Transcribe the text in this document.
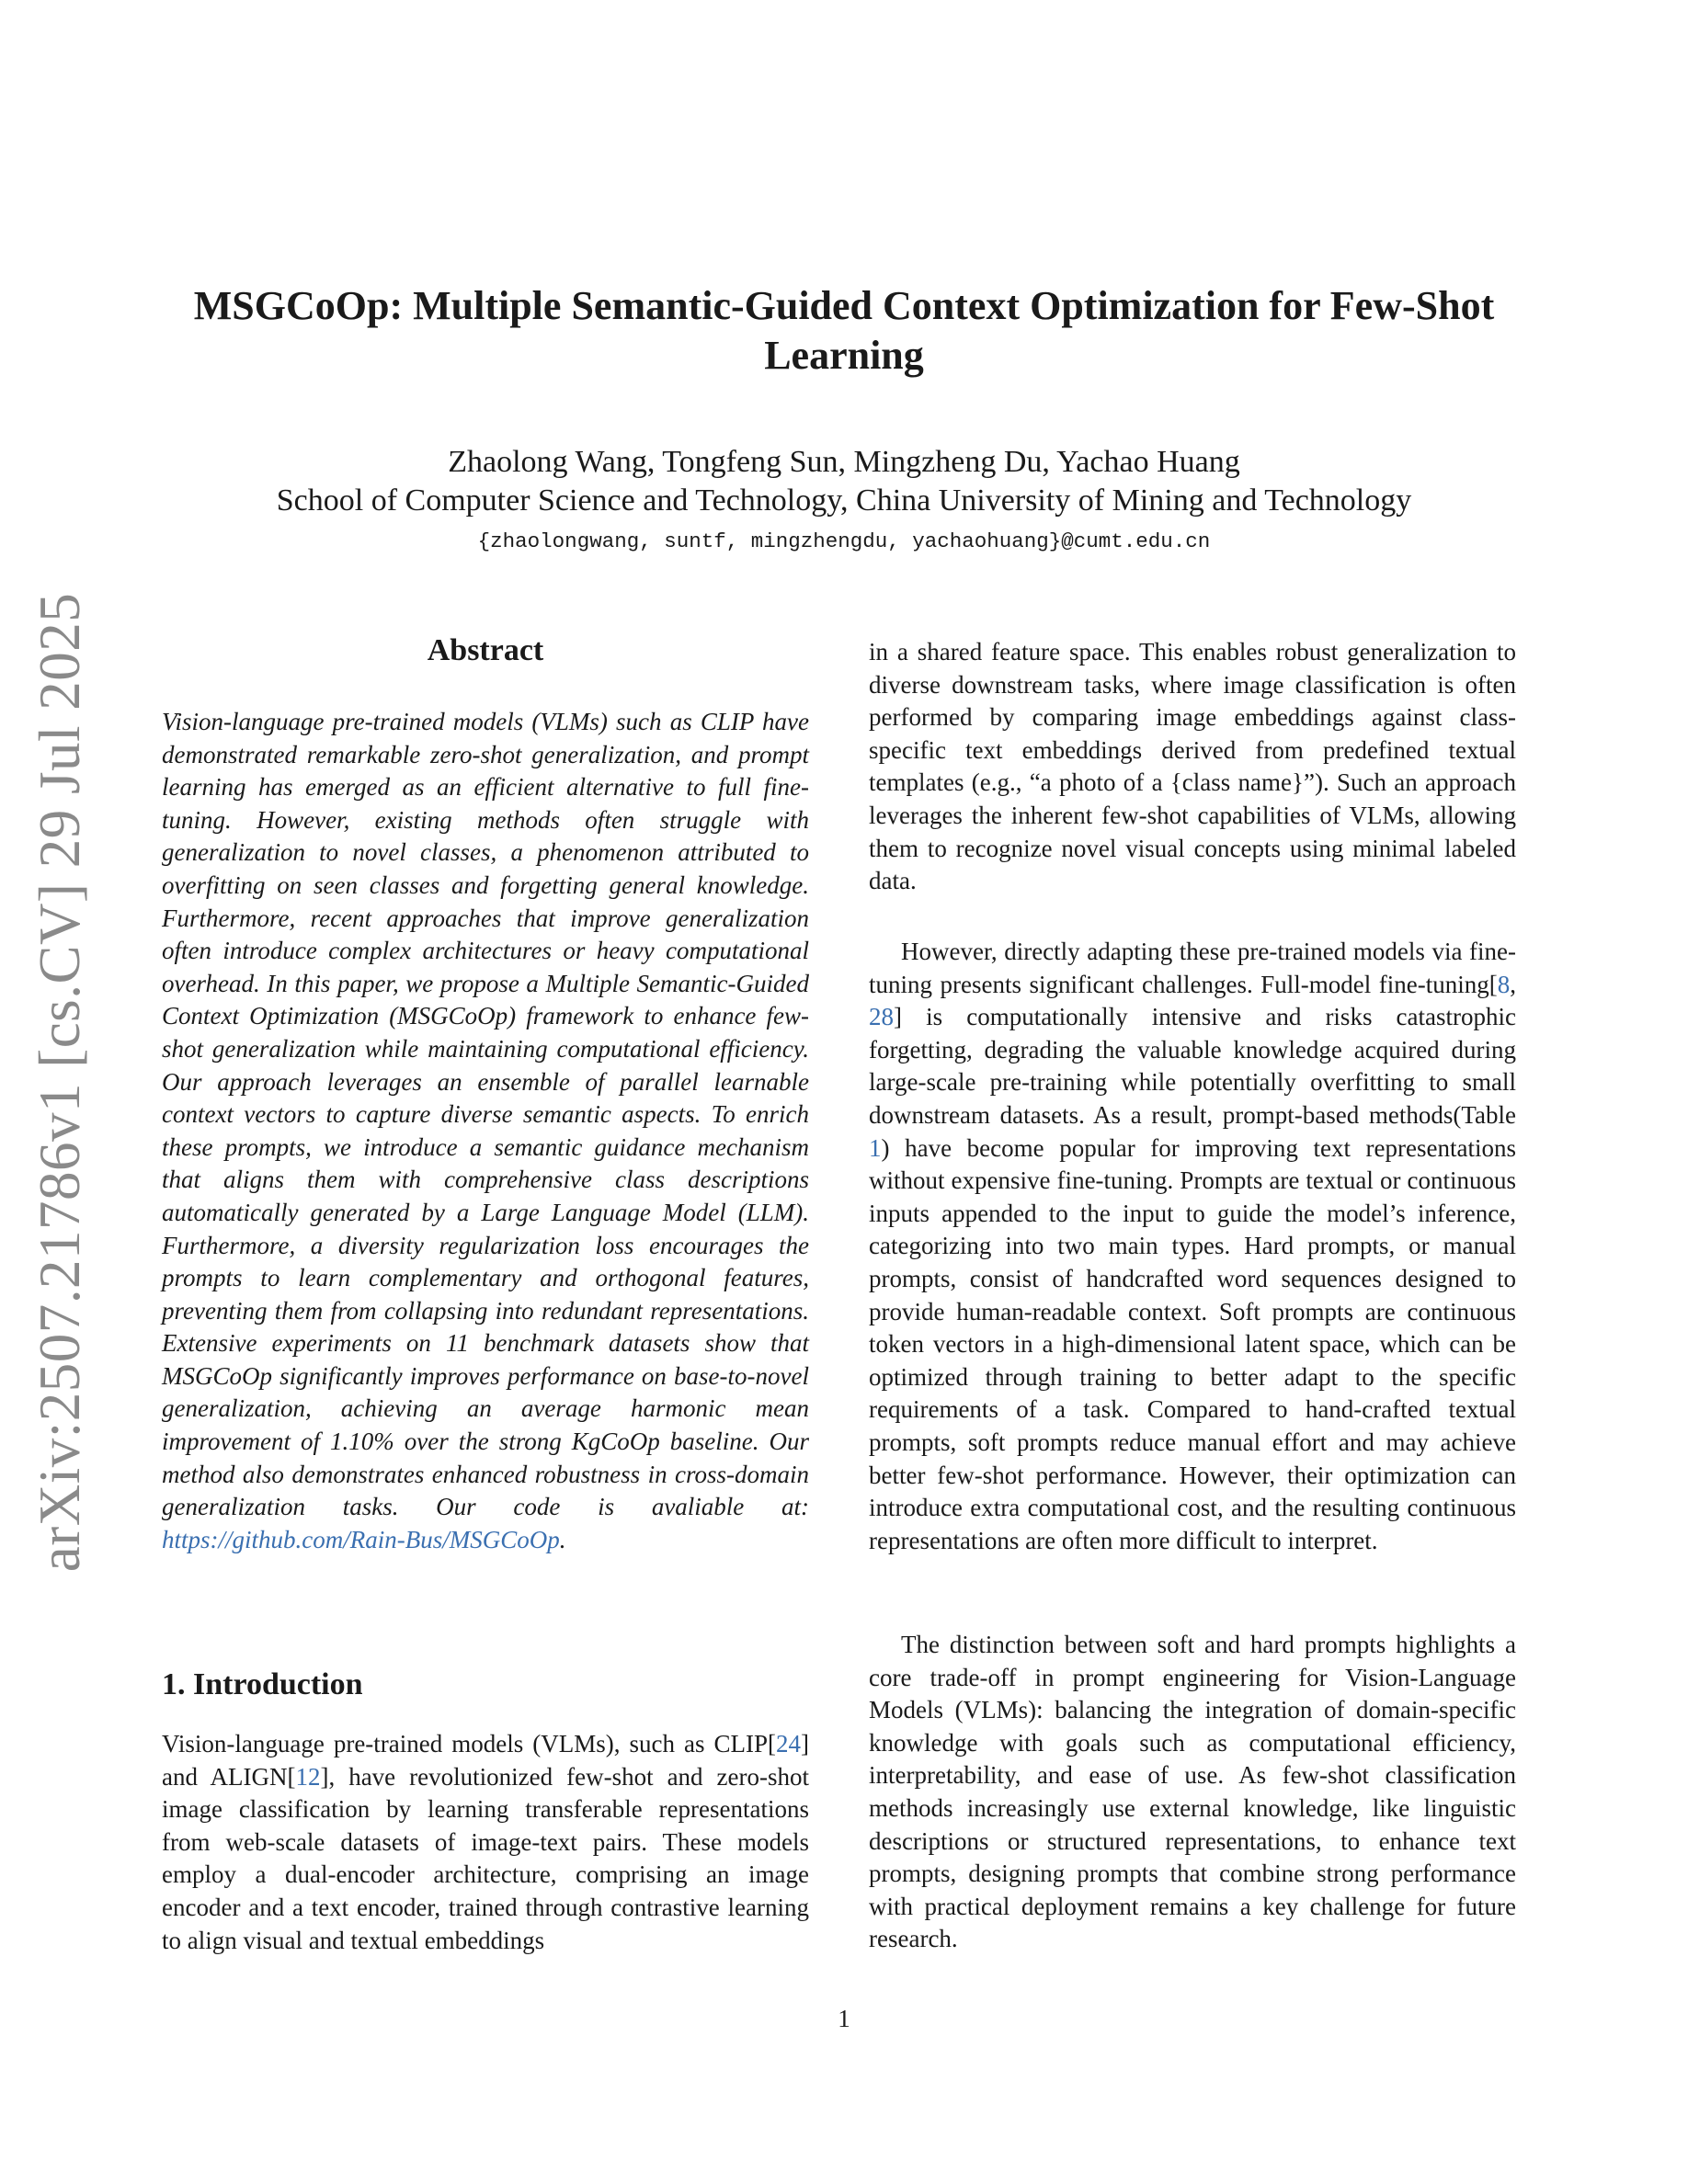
arXiv:2507.21786v1 [cs.CV] 29 Jul 2025
MSGCoOp: Multiple Semantic-Guided Context Optimization for Few-Shot Learning
Zhaolong Wang, Tongfeng Sun, Mingzheng Du, Yachao Huang
School of Computer Science and Technology, China University of Mining and Technology
{zhaolongwang, suntf, mingzhengdu, yachaohuang}@cumt.edu.cn
Abstract
Vision-language pre-trained models (VLMs) such as CLIP have demonstrated remarkable zero-shot generalization, and prompt learning has emerged as an efficient alternative to full fine-tuning. However, existing methods often struggle with generalization to novel classes, a phenomenon attributed to overfitting on seen classes and forgetting general knowledge. Furthermore, recent approaches that improve generalization often introduce complex architectures or heavy computational overhead. In this paper, we propose a Multiple Semantic-Guided Context Optimization (MSGCoOp) framework to enhance few-shot generalization while maintaining computational efficiency. Our approach leverages an ensemble of parallel learnable context vectors to capture diverse semantic aspects. To enrich these prompts, we introduce a semantic guidance mechanism that aligns them with comprehensive class descriptions automatically generated by a Large Language Model (LLM). Furthermore, a diversity regularization loss encourages the prompts to learn complementary and orthogonal features, preventing them from collapsing into redundant representations. Extensive experiments on 11 benchmark datasets show that MSGCoOp significantly improves performance on base-to-novel generalization, achieving an average harmonic mean improvement of 1.10% over the strong KgCoOp baseline. Our method also demonstrates enhanced robustness in cross-domain generalization tasks. Our code is avaliable at: https://github.com/Rain-Bus/MSGCoOp.
1. Introduction
Vision-language pre-trained models (VLMs), such as CLIP[24] and ALIGN[12], have revolutionized few-shot and zero-shot image classification by learning transferable representations from web-scale datasets of image-text pairs. These models employ a dual-encoder architecture, comprising an image encoder and a text encoder, trained through contrastive learning to align visual and textual embeddings
in a shared feature space. This enables robust generalization to diverse downstream tasks, where image classification is often performed by comparing image embeddings against class-specific text embeddings derived from predefined textual templates (e.g., “a photo of a {class name}”). Such an approach leverages the inherent few-shot capabilities of VLMs, allowing them to recognize novel visual concepts using minimal labeled data.
However, directly adapting these pre-trained models via fine-tuning presents significant challenges. Full-model fine-tuning[8, 28] is computationally intensive and risks catastrophic forgetting, degrading the valuable knowledge acquired during large-scale pre-training while potentially overfitting to small downstream datasets. As a result, prompt-based methods(Table 1) have become popular for improving text representations without expensive fine-tuning. Prompts are textual or continuous inputs appended to the input to guide the model’s inference, categorizing into two main types. Hard prompts, or manual prompts, consist of handcrafted word sequences designed to provide human-readable context. Soft prompts are continuous token vectors in a high-dimensional latent space, which can be optimized through training to better adapt to the specific requirements of a task. Compared to hand-crafted textual prompts, soft prompts reduce manual effort and may achieve better few-shot performance. However, their optimization can introduce extra computational cost, and the resulting continuous representations are often more difficult to interpret.
The distinction between soft and hard prompts highlights a core trade-off in prompt engineering for Vision-Language Models (VLMs): balancing the integration of domain-specific knowledge with goals such as computational efficiency, interpretability, and ease of use. As few-shot classification methods increasingly use external knowledge, like linguistic descriptions or structured representations, to enhance text prompts, designing prompts that combine strong performance with practical deployment remains a key challenge for future research.
1
